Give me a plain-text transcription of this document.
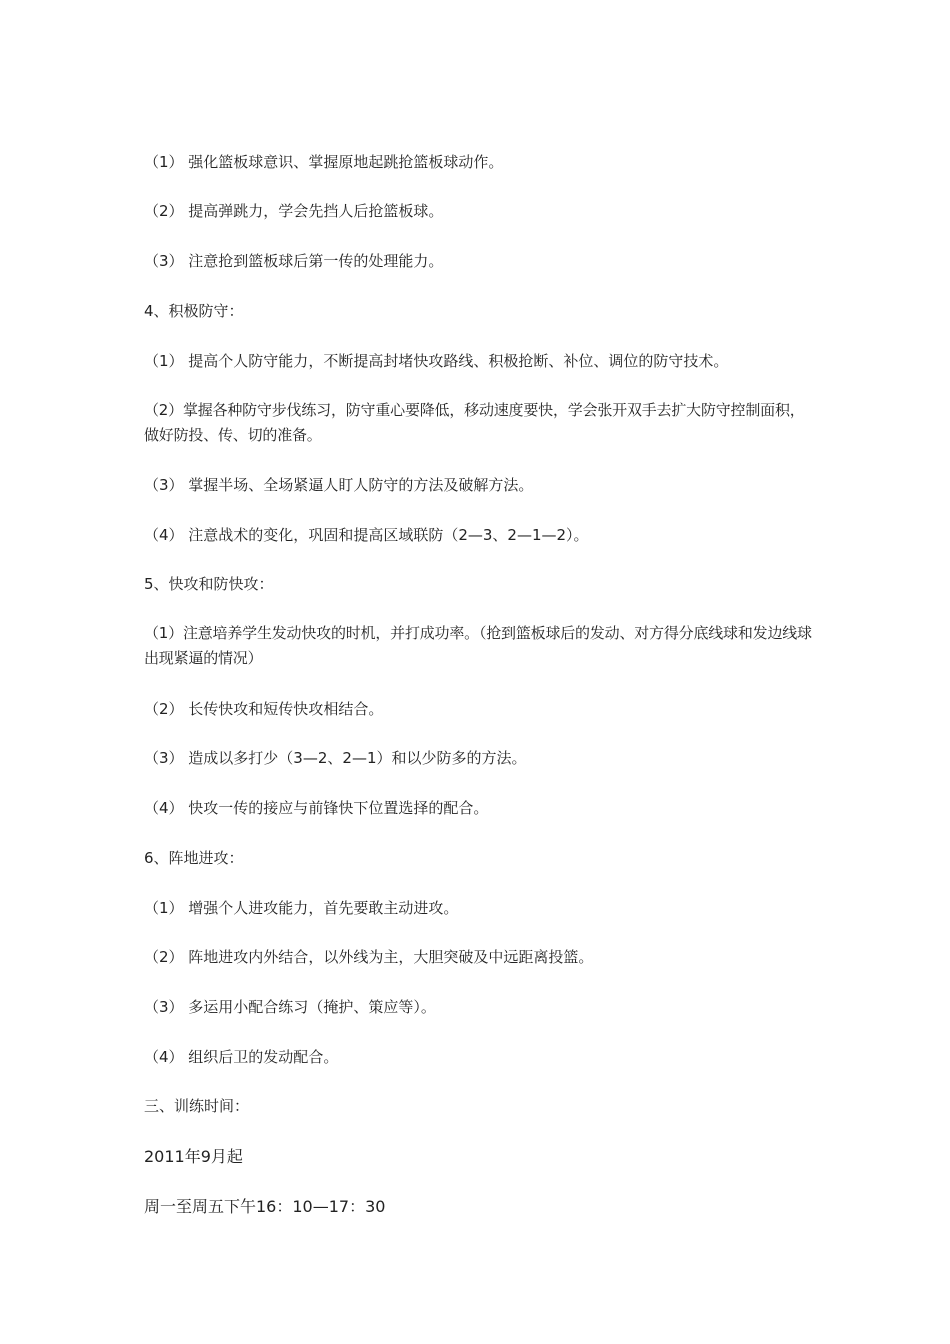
（1） 强化篮板球意识、掌握原地起跳抢篮板球动作。
（2） 提高弹跳力，学会先挡人后抢篮板球。
（3） 注意抢到篮板球后第一传的处理能力。
4、积极防守：
（1） 提高个人防守能力，不断提高封堵快攻路线、积极抢断、补位、调位的防守技术。
（2）掌握各种防守步伐练习，防守重心要降低，移动速度要快，学会张开双手去扩大防守控制面积，做好防投、传、切的准备。
（3） 掌握半场、全场紧逼人盯人防守的方法及破解方法。
（4） 注意战术的变化，巩固和提高区域联防（2—3、2—1—2）。
5、快攻和防快攻：
（1）注意培养学生发动快攻的时机，并打成功率。（抢到篮板球后的发动、对方得分底线球和发边线球出现紧逼的情况）
（2） 长传快攻和短传快攻相结合。
（3） 造成以多打少（3—2、2—1）和以少防多的方法。
（4） 快攻一传的接应与前锋快下位置选择的配合。
6、阵地进攻：
（1） 增强个人进攻能力，首先要敢主动进攻。
（2） 阵地进攻内外结合，以外线为主，大胆突破及中远距离投篮。
（3） 多运用小配合练习（掩护、策应等）。
（4） 组织后卫的发动配合。
三、训练时间：
2011年9月起
周一至周五下午16：10—17：30
